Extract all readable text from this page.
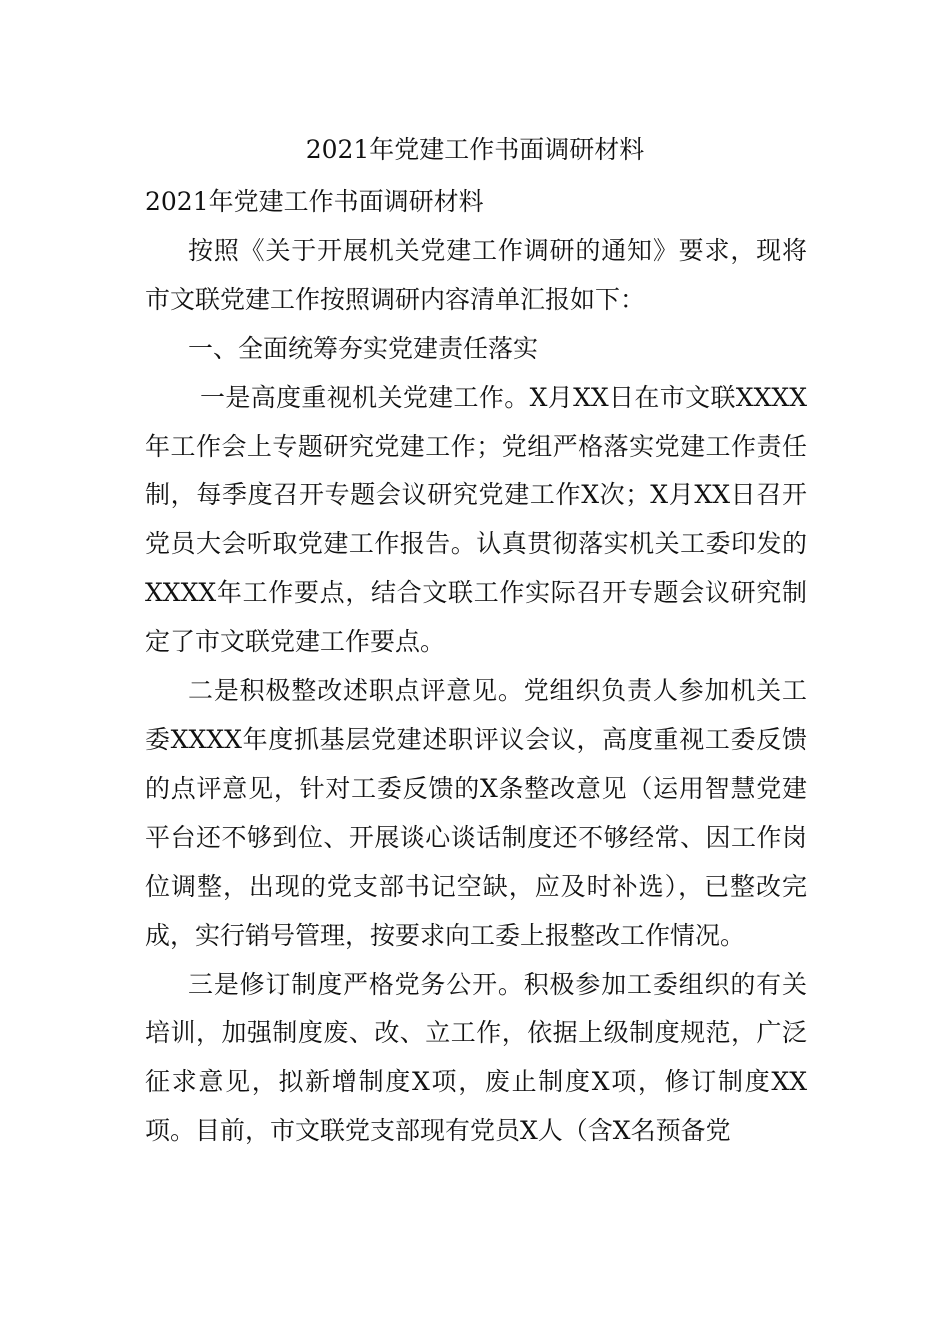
2021年党建工作书面调研材料

2021年党建工作书面调研材料

按照《关于开展机关党建工作调研的通知》要求，现将市文联党建工作按照调研内容清单汇报如下：

一、全面统筹夯实党建责任落实

一是高度重视机关党建工作。X月XX日在市文联XXXX年工作会上专题研究党建工作；党组严格落实党建工作责任制，每季度召开专题会议研究党建工作X次；X月XX日召开党员大会听取党建工作报告。认真贯彻落实机关工委印发的XXXX年工作要点，结合文联工作实际召开专题会议研究制定了市文联党建工作要点。

二是积极整改述职点评意见。党组织负责人参加机关工委XXXX年度抓基层党建述职评议会议，高度重视工委反馈的点评意见，针对工委反馈的X条整改意见（运用智慧党建平台还不够到位、开展谈心谈话制度还不够经常、因工作岗位调整，出现的党支部书记空缺，应及时补选），已整改完成，实行销号管理，按要求向工委上报整改工作情况。

三是修订制度严格党务公开。积极参加工委组织的有关培训，加强制度废、改、立工作，依据上级制度规范，广泛征求意见，拟新增制度X项，废止制度X项，修订制度XX项。目前，市文联党支部现有党员X人（含X名预备党
